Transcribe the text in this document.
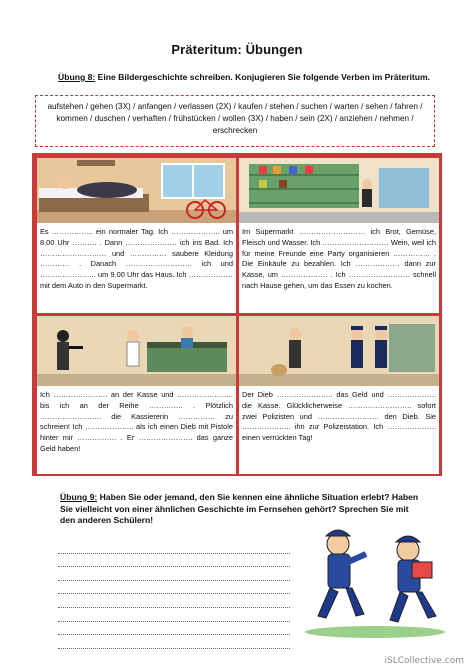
Präteritum: Übungen
Übung 8: Eine Bildergeschichte schreiben. Konjugieren Sie folgende Verben im Präteritum.
aufstehen / gehen (3X) / anfangen / verlassen (2X) / kaufen / stehen / suchen / warten / sehen / fahren / kommen / duschen / verhaften / frühstücken / wollen (3X) / haben / sein (2X) / anziehen / nehmen / erschrecken
Es …………….. ein normaler Tag. Ich ……………….. um 8.00 Uhr ………. . Dann ………………… ich ins Bad. Ich ……………………… und …………… saubere Kleidung ………… . Danach ……………………… ich und ………………….. um 9.00 Uhr das Haus. Ich ……………… mit dem Auto in den Supermarkt.
Im Supermarkt ……………………… ich Brot, Gemüse, Fleisch und Wasser. Ich ……………………… Wein, weil ich für meine Freunde eine Party organisieren …………… . Die Einkäufe zu bezahlen. Ich ……………… dann zur Kasse, um ………………. . Ich ……………………. schnell nach Hause gehen, um das Essen zu kochen.
Ich …………………. an der Kasse und ………………….. bis ich an der Reihe ………….. . Plötzlich ……………………. die Kassiererin …………… zu schreien! Ich ……………….. als ich einen Dieb mit Pistole hinter mir ……………. . Er …………………. das ganze Geld haben!
Der Dieb ………………….. das Geld und ……………….. die Kasse. Glücklicherweise …………………….. sofort zwei Polizisten und ……………………. den Dieb. Sie ……………….. ihn zur Polizeistation. Ich ……………….. einen verrückten Tag!
Übung 9: Haben Sie oder jemand, den Sie kennen eine ähnliche Situation erlebt? Haben Sie vielleicht von einer ähnlichen Geschichte im Fernsehen gehört? Sprechen Sie mit den anderen Schülern!
iSLCollective.com
